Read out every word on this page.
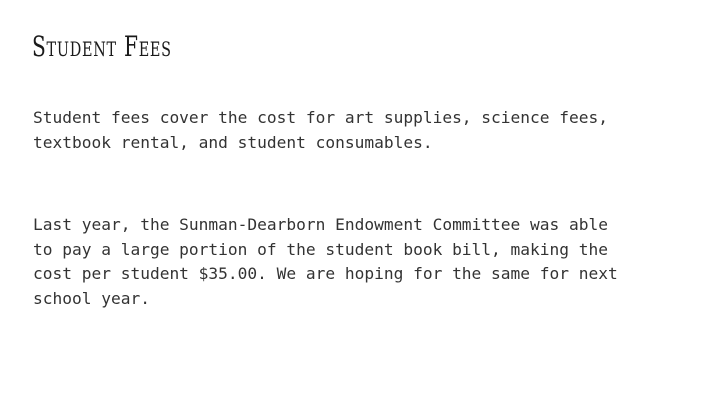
Student Fees

Student fees cover the cost for art supplies, science fees,
textbook rental, and student consumables.

Last year, the Sunman-Dearborn Endowment Committee was able
to pay a large portion of the student book bill, making the
cost per student $35.00. We are hoping for the same for next
school year.
